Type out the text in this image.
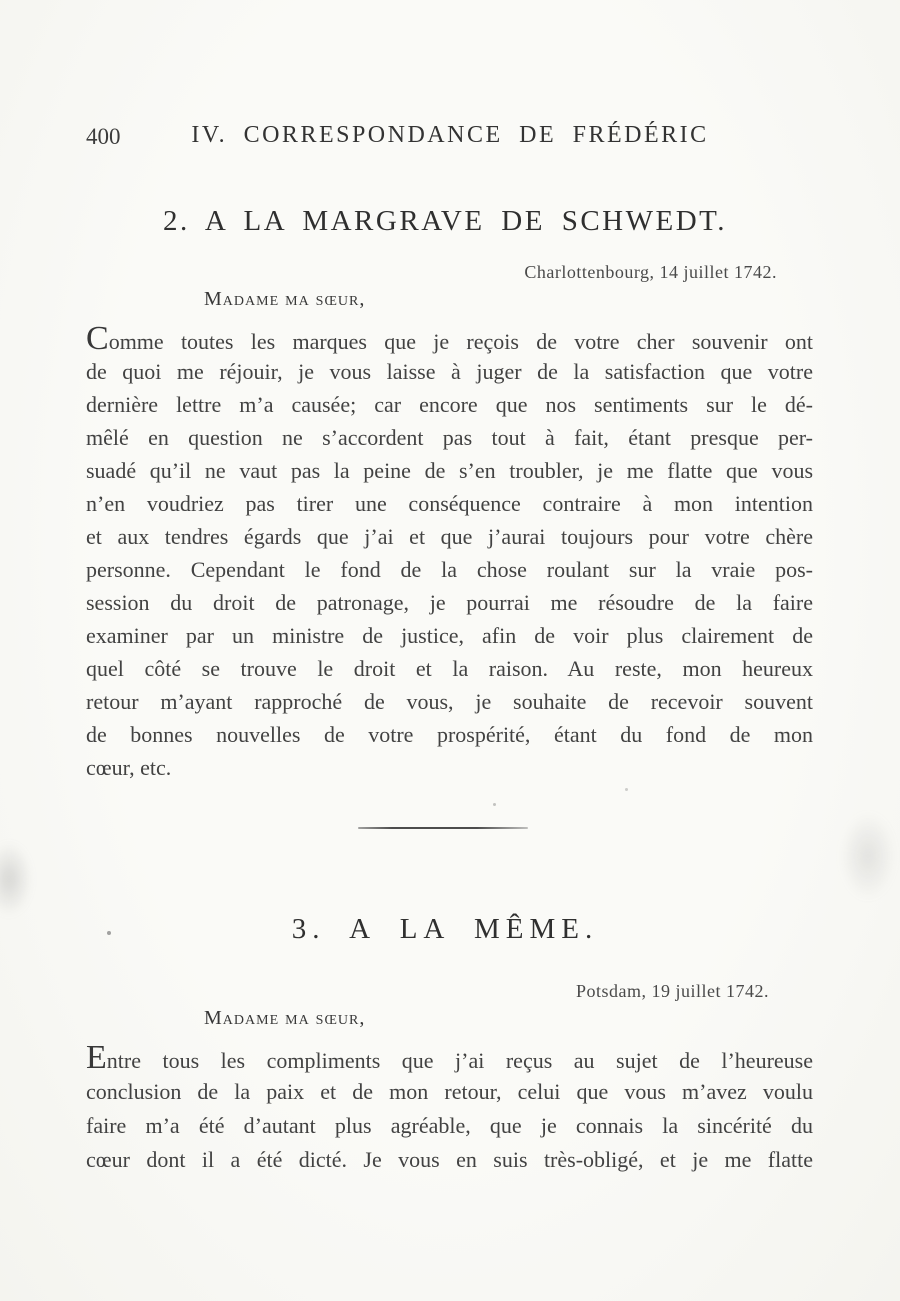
400	IV. CORRESPONDANCE DE FRÉDÉRIC
2. A LA MARGRAVE DE SCHWEDT.
Charlottenbourg, 14 juillet 1742.
Madame ma sœur,
Comme toutes les marques que je reçois de votre cher souvenir ont
de quoi me réjouir, je vous laisse à juger de la satisfaction que votre
dernière lettre m’a causée; car encore que nos sentiments sur le dé-
mêlé en question ne s’accordent pas tout à fait, étant presque per-
suadé qu’il ne vaut pas la peine de s’en troubler, je me flatte que vous
n’en voudriez pas tirer une conséquence contraire à mon intention
et aux tendres égards que j’ai et que j’aurai toujours pour votre chère
personne. Cependant le fond de la chose roulant sur la vraie pos-
session du droit de patronage, je pourrai me résoudre de la faire
examiner par un ministre de justice, afin de voir plus clairement de
quel côté se trouve le droit et la raison. Au reste, mon heureux
retour m’ayant rapproché de vous, je souhaite de recevoir souvent
de bonnes nouvelles de votre prospérité, étant du fond de mon
cœur, etc.
3. A LA MÊME.
Potsdam, 19 juillet 1742.
Madame ma sœur,
Entre tous les compliments que j’ai reçus au sujet de l’heureuse
conclusion de la paix et de mon retour, celui que vous m’avez voulu
faire m’a été d’autant plus agréable, que je connais la sincérité du
cœur dont il a été dicté. Je vous en suis très-obligé, et je me flatte
